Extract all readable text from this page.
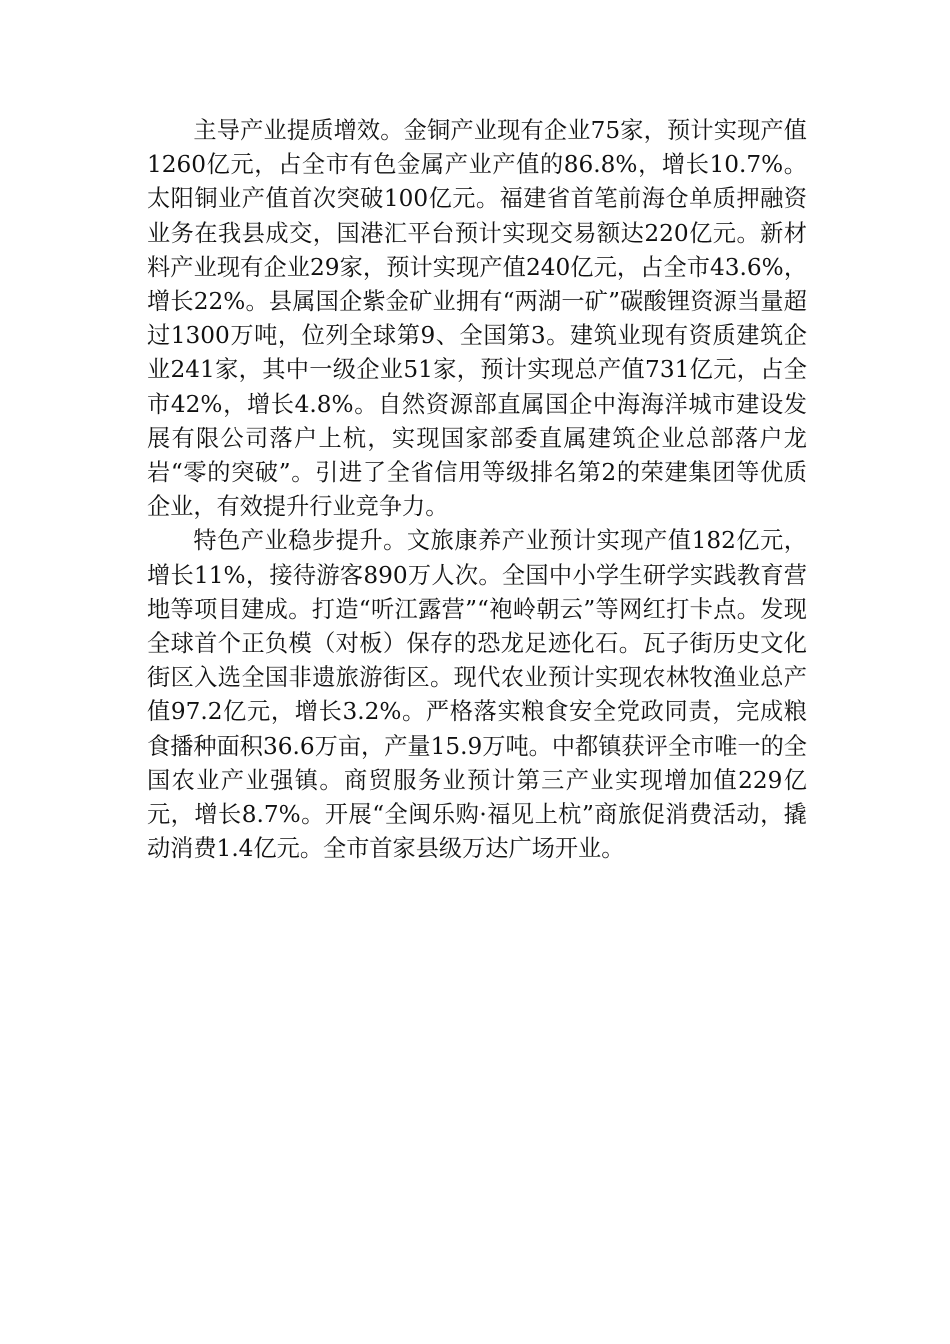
主导产业提质增效。金铜产业现有企业75家，预计实现产值1260亿元，占全市有色金属产业产值的86.8%，增长10.7%。太阳铜业产值首次突破100亿元。福建省首笔前海仓单质押融资业务在我县成交，国港汇平台预计实现交易额达220亿元。新材料产业现有企业29家，预计实现产值240亿元，占全市43.6%，增长22%。县属国企紫金矿业拥有“两湖一矿”碳酸锂资源当量超过1300万吨，位列全球第9、全国第3。建筑业现有资质建筑企业241家，其中一级企业51家，预计实现总产值731亿元，占全市42%，增长4.8%。自然资源部直属国企中海海洋城市建设发展有限公司落户上杭，实现国家部委直属建筑企业总部落户龙岩“零的突破”。引进了全省信用等级排名第2的荣建集团等优质企业，有效提升行业竞争力。

特色产业稳步提升。文旅康养产业预计实现产值182亿元，增长11%，接待游客890万人次。全国中小学生研学实践教育营地等项目建成。打造“听江露营”“袍岭朝云”等网红打卡点。发现全球首个正负模（对板）保存的恐龙足迹化石。瓦子街历史文化街区入选全国非遗旅游街区。现代农业预计实现农林牧渔业总产值97.2亿元，增长3.2%。严格落实粮食安全党政同责，完成粮食播种面积36.6万亩，产量15.9万吨。中都镇获评全市唯一的全国农业产业强镇。商贸服务业预计第三产业实现增加值229亿元，增长8.7%。开展“全闽乐购·福见上杭”商旅促消费活动，撬动消费1.4亿元。全市首家县级万达广场开业。
